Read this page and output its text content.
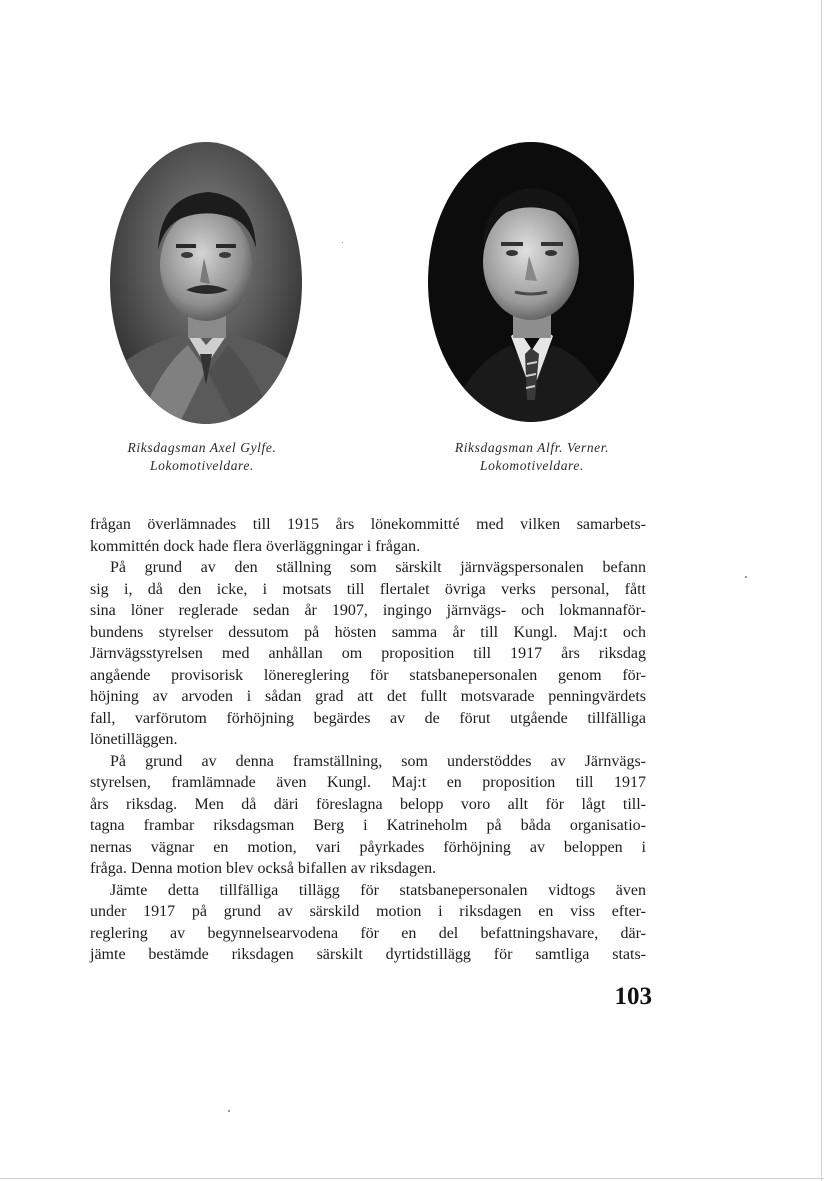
Riksdagsman Axel Gylfe.
Lokomotiveldare.
Riksdagsman Alfr. Verner.
Lokomotiveldare.
frågan överlämnades till 1915 års lönekommitté med vilken samarbets-
kommittén dock hade flera överläggningar i frågan.
På grund av den ställning som särskilt järnvägspersonalen befann
sig i, då den icke, i motsats till flertalet övriga verks personal, fått
sina löner reglerade sedan år 1907, ingingo järnvägs- och lokmannaför-
bundens styrelser dessutom på hösten samma år till Kungl. Maj:t och
Järnvägsstyrelsen med anhållan om proposition till 1917 års riksdag
angående provisorisk lönereglering för statsbanepersonalen genom för-
höjning av arvoden i sådan grad att det fullt motsvarade penningvärdets
fall, varförutom förhöjning begärdes av de förut utgående tillfälliga
lönetilläggen.
På grund av denna framställning, som understöddes av Järnvägs-
styrelsen, framlämnade även Kungl. Maj:t en proposition till 1917
års riksdag. Men då däri föreslagna belopp voro allt för lågt till-
tagna frambar riksdagsman Berg i Katrineholm på båda organisatio-
nernas vägnar en motion, vari påyrkades förhöjning av beloppen i
fråga. Denna motion blev också bifallen av riksdagen.
Jämte detta tillfälliga tillägg för statsbanepersonalen vidtogs även
under 1917 på grund av särskild motion i riksdagen en viss efter-
reglering av begynnelsearvodena för en del befattningshavare, där-
jämte bestämde riksdagen särskilt dyrtidstillägg för samtliga stats-
103
